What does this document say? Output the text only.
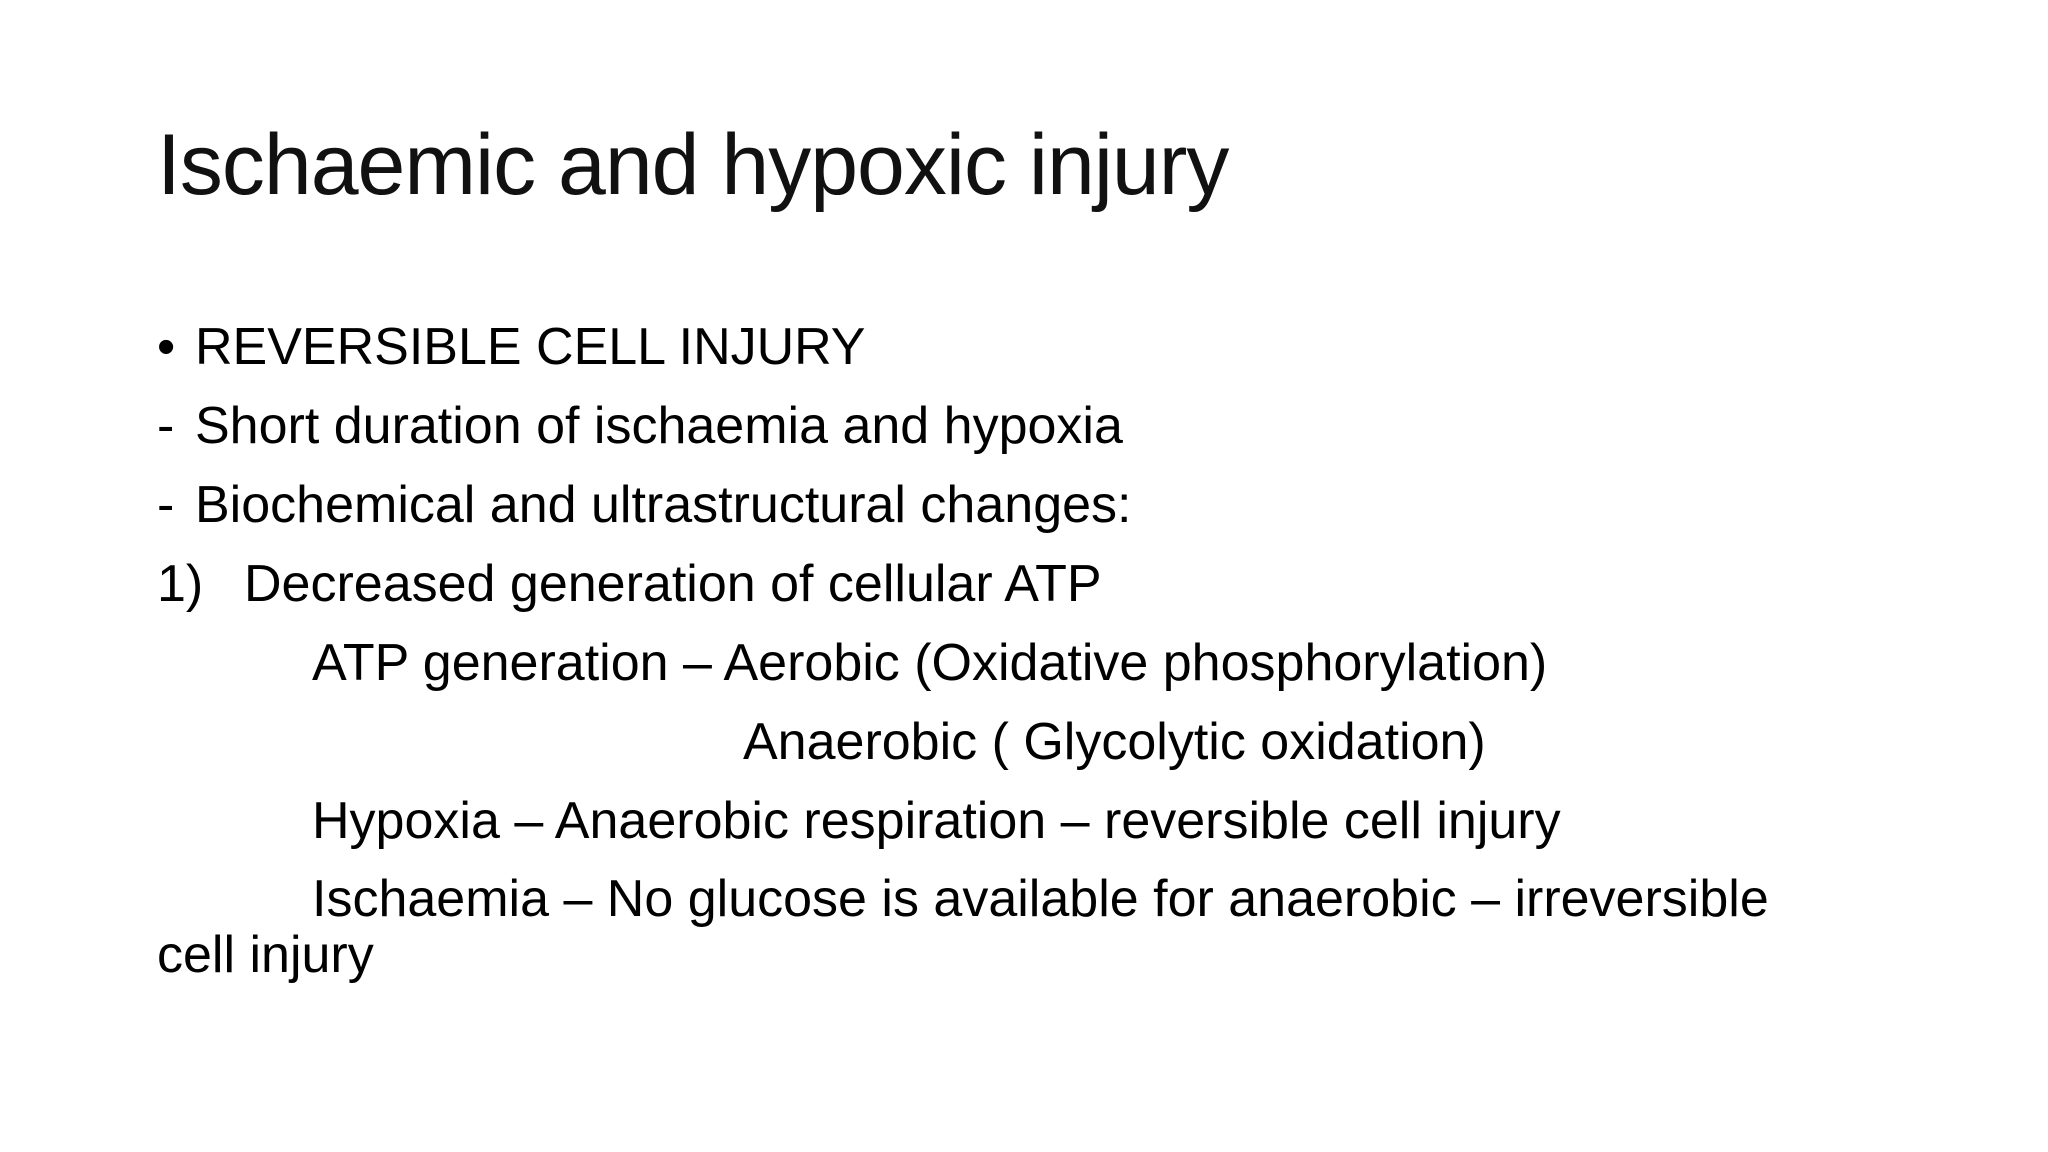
Ischaemic and hypoxic injury
• REVERSIBLE CELL INJURY
- Short duration of ischaemia and hypoxia
- Biochemical and ultrastructural changes:
1) Decreased generation of cellular ATP
ATP generation – Aerobic (Oxidative phosphorylation)
Anaerobic ( Glycolytic oxidation)
Hypoxia – Anaerobic respiration – reversible cell injury
Ischaemia – No glucose is available for anaerobic – irreversible
cell injury
